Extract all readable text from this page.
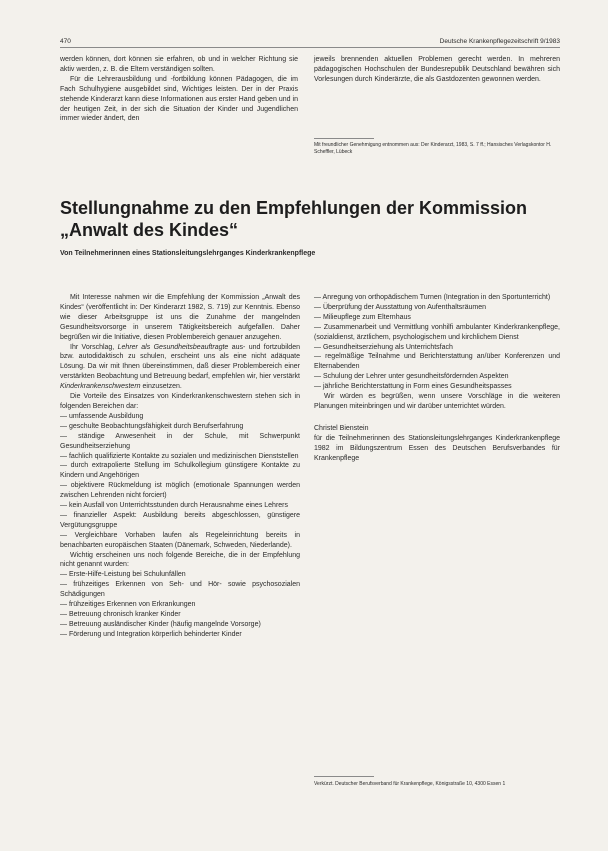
470	Deutsche Krankenpflegezeitschrift 9/1983

werden können, dort können sie erfahren, ob und in welcher Richtung sie aktiv werden, z. B. die Eltern verständigen sollten.

Für die Lehrerausbildung und -fortbildung können Pädagogen, die im Fach Schulhygiene ausgebildet sind, Wichtiges leisten. Der in der Praxis stehende Kinderarzt kann diese Informationen aus erster Hand geben und in der heutigen Zeit, in der sich die Situation der Kinder und Jugendlichen immer wieder ändert, den

jeweils brennenden aktuellen Problemen gerecht werden. In mehreren pädagogischen Hochschulen der Bundesrepublik Deutschland bewähren sich Vorlesungen durch Kinderärzte, die als Gastdozenten gewonnen werden.

Mit freundlicher Genehmigung entnommen aus: Der Kinderarzt, 1983, S. 7 ff.; Hansisches Verlagskontor H. Scheffler, Lübeck
Stellungnahme zu den Empfehlungen der Kommission
„Anwalt des Kindes“
Von Teilnehmerinnen eines Stationsleitungslehrganges Kinderkrankenpflege

Mit Interesse nahmen wir die Empfehlung der Kommission „Anwalt des Kindes“ (veröffentlicht in: Der Kinderarzt 1982, S. 719) zur Kenntnis. Ebenso wie dieser Arbeitsgruppe ist uns die Zunahme der mangelnden Gesundheitsvorsorge in unserem Tätigkeitsbereich aufgefallen. Daher begrüßen wir die Initiative, diesen Problembereich genauer anzugehen.

Ihr Vorschlag, Lehrer als Gesundheitsbeauftragte aus- und fortzubilden bzw. autodidaktisch zu schulen, erscheint uns als eine nicht adäquate Lösung. Da wir mit Ihnen übereinstimmen, daß dieser Problembereich einer verstärkten Beobachtung und Betreuung bedarf, empfehlen wir, hier verstärkt Kinderkrankenschwestern einzusetzen.

Die Vorteile des Einsatzes von Kinderkrankenschwestern stehen sich in folgenden Bereichen dar:

— umfassende Ausbildung

— geschulte Beobachtungsfähigkeit durch Berufserfahrung

— ständige Anwesenheit in der Schule, mit Schwerpunkt Gesundheitserziehung

— fachlich qualifizierte Kontakte zu sozialen und medizinischen Dienststellen

— durch extrapolierte Stellung im Schulkollegium günstigere Kontakte zu Kindern und Angehörigen

— objektivere Rückmeldung ist möglich (emotionale Spannungen werden zwischen Lehrenden nicht forciert)

— kein Ausfall von Unterrichtsstunden durch Herausnahme eines Lehrers

— finanzieller Aspekt: Ausbildung bereits abgeschlossen, günstigere Vergütungsgruppe

— Vergleichbare Vorhaben laufen als Regeleinrichtung bereits in benachbarten europäischen Staaten (Dänemark, Schweden, Niederlande).

Wichtig erscheinen uns noch folgende Bereiche, die in der Empfehlung nicht genannt wurden:

— Erste-Hilfe-Leistung bei Schulunfällen

— frühzeitiges Erkennen von Seh- und Hör- sowie psychosozialen Schädigungen

— frühzeitiges Erkennen von Erkrankungen

— Betreuung chronisch kranker Kinder

— Betreuung ausländischer Kinder (häufig mangelnde Vorsorge)

— Förderung und Integration körperlich behinderter Kinder

— Anregung von orthopädischem Turnen (Integration in den Sportunterricht)

— Überprüfung der Ausstattung von Aufenthaltsräumen

— Milieupflege zum Elternhaus

— Zusammenarbeit und Vermittlung vonhilfi ambulanter Kinderkrankenpflege, (sozialdienst, ärztlichem, psychologischem und kirchlichem Dienst

— Gesundheitserziehung als Unterrichtsfach

— regelmäßige Teilnahme und Berichterstattung an/über Konferenzen und Elternabenden

— Schulung der Lehrer unter gesundheitsfördernden Aspekten

— jährliche Berichterstattung in Form eines Gesundheitspasses

Wir würden es begrüßen, wenn unsere Vorschläge in die weiteren Planungen miteinbringen und wir darüber unterrichtet würden.

Christel Bienstein

für die Teilnehmerinnen des Stationsleitungslehrganges Kinderkrankenpflege 1982 im Bildungszentrum Essen des Deutschen Berufsverbandes für Krankenpflege

Verkürzt. Deutscher Berufsverband für Krankenpflege, Königsstraße 10, 4300 Essen 1
